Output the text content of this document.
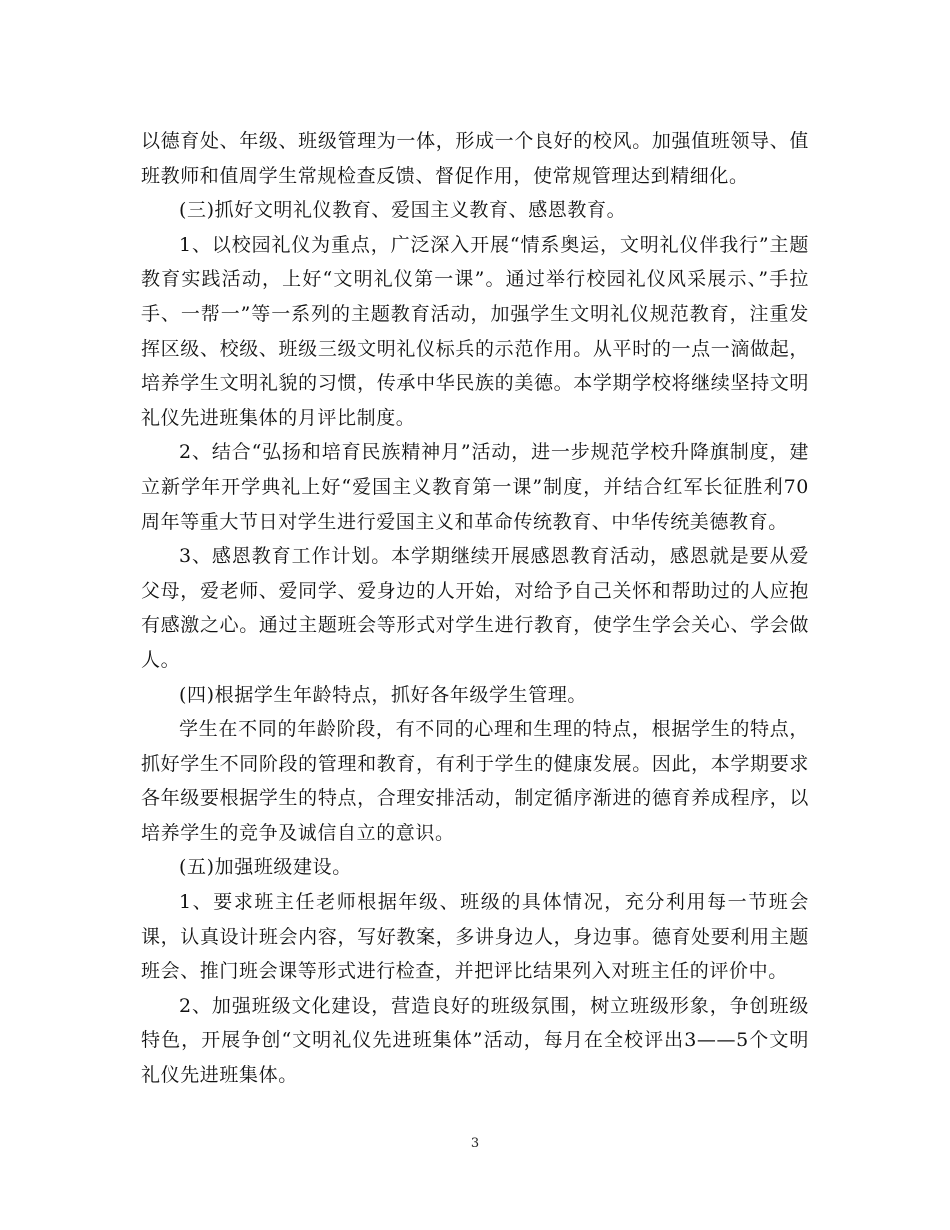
以德育处、年级、班级管理为一体，形成一个良好的校风。加强值班领导、值班教师和值周学生常规检查反馈、督促作用，使常规管理达到精细化。

(三)抓好文明礼仪教育、爱国主义教育、感恩教育。

1、以校园礼仪为重点，广泛深入开展“情系奥运，文明礼仪伴我行”主题教育实践活动，上好“文明礼仪第一课”。通过举行校园礼仪风采展示、”手拉手、一帮一”等一系列的主题教育活动，加强学生文明礼仪规范教育，注重发挥区级、校级、班级三级文明礼仪标兵的示范作用。从平时的一点一滴做起，培养学生文明礼貌的习惯，传承中华民族的美德。本学期学校将继续坚持文明礼仪先进班集体的月评比制度。

2、结合“弘扬和培育民族精神月”活动，进一步规范学校升降旗制度，建立新学年开学典礼上好“爱国主义教育第一课”制度，并结合红军长征胜利70周年等重大节日对学生进行爱国主义和革命传统教育、中华传统美德教育。

3、感恩教育工作计划。本学期继续开展感恩教育活动，感恩就是要从爱父母，爱老师、爱同学、爱身边的人开始，对给予自己关怀和帮助过的人应抱有感激之心。通过主题班会等形式对学生进行教育，使学生学会关心、学会做人。

(四)根据学生年龄特点，抓好各年级学生管理。

学生在不同的年龄阶段，有不同的心理和生理的特点，根据学生的特点，抓好学生不同阶段的管理和教育，有利于学生的健康发展。因此，本学期要求各年级要根据学生的特点，合理安排活动，制定循序渐进的德育养成程序，以培养学生的竞争及诚信自立的意识。

(五)加强班级建设。

1、要求班主任老师根据年级、班级的具体情况，充分利用每一节班会课，认真设计班会内容，写好教案，多讲身边人，身边事。德育处要利用主题班会、推门班会课等形式进行检查，并把评比结果列入对班主任的评价中。

2、加强班级文化建设，营造良好的班级氛围，树立班级形象，争创班级特色，开展争创“文明礼仪先进班集体”活动，每月在全校评出3——5个文明礼仪先进班集体。

3
